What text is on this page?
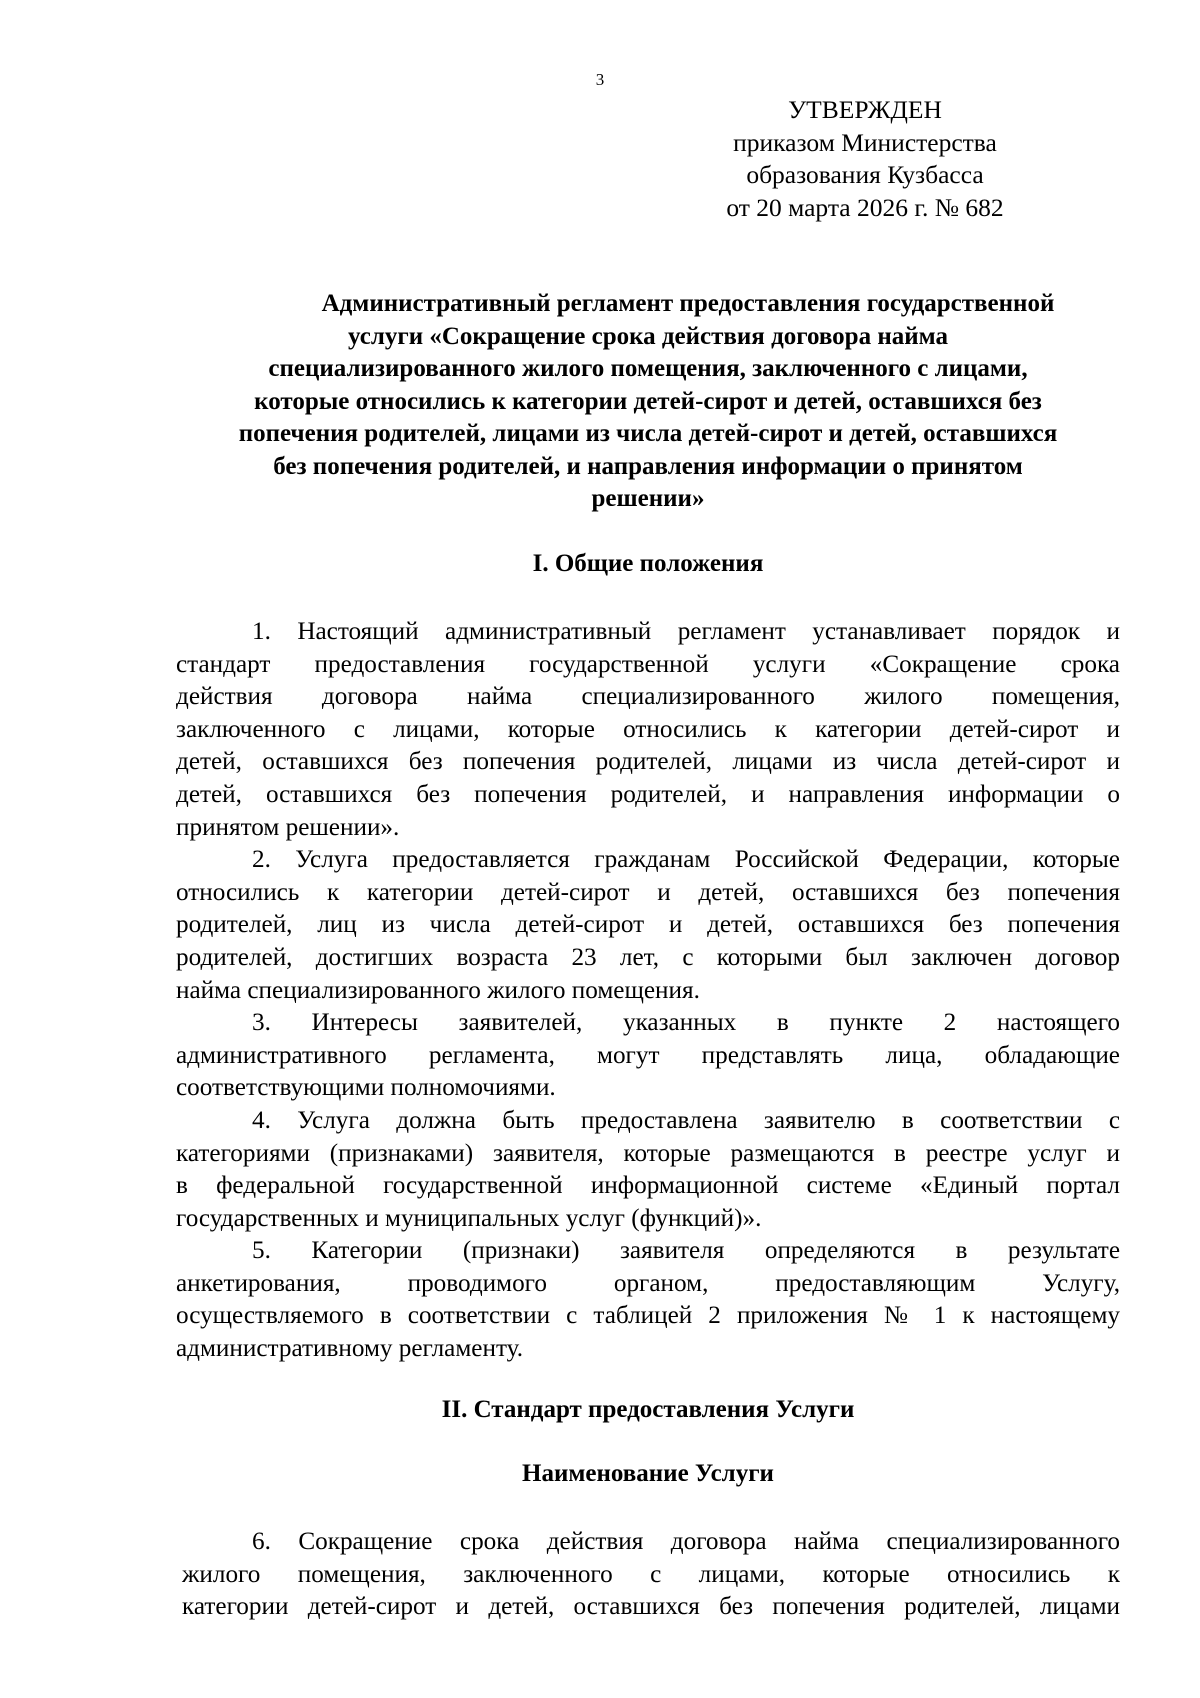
3
УТВЕРЖДЕН
приказом Министерства
образования Кузбасса
от 20 марта 2026 г. № 682
Административный регламент предоставления государственной
услуги «Сокращение срока действия договора найма
специализированного жилого помещения, заключенного с лицами,
которые относились к категории детей-сирот и детей, оставшихся без
попечения родителей, лицами из числа детей-сирот и детей, оставшихся
без попечения родителей, и направления информации о принятом
решении»
I. Общие положения
1. Настоящий административный регламент устанавливает порядок и
стандарт предоставления государственной услуги «Сокращение срока
действия договора найма специализированного жилого помещения,
заключенного с лицами, которые относились к категории детей-сирот и
детей, оставшихся без попечения родителей, лицами из числа детей-сирот и
детей, оставшихся без попечения родителей, и направления информации о
принятом решении».
2. Услуга предоставляется гражданам Российской Федерации, которые
относились к категории детей-сирот и детей, оставшихся без попечения
родителей, лиц из числа детей-сирот и детей, оставшихся без попечения
родителей, достигших возраста 23 лет, с которыми был заключен договор
найма специализированного жилого помещения.
3. Интересы заявителей, указанных в пункте 2 настоящего
административного регламента, могут представлять лица, обладающие
соответствующими полномочиями.
4. Услуга должна быть предоставлена заявителю в соответствии с
категориями (признаками) заявителя, которые размещаются в реестре услуг и
в федеральной государственной информационной системе «Единый портал
государственных и муниципальных услуг (функций)».
5. Категории (признаки) заявителя определяются в результате
анкетирования, проводимого органом, предоставляющим Услугу,
осуществляемого в соответствии с таблицей 2 приложения № 1 к настоящему
административному регламенту.
II. Стандарт предоставления Услуги
Наименование Услуги
6. Сокращение срока действия договора найма специализированного
жилого помещения, заключенного с лицами, которые относились к
категории детей-сирот и детей, оставшихся без попечения родителей, лицами
